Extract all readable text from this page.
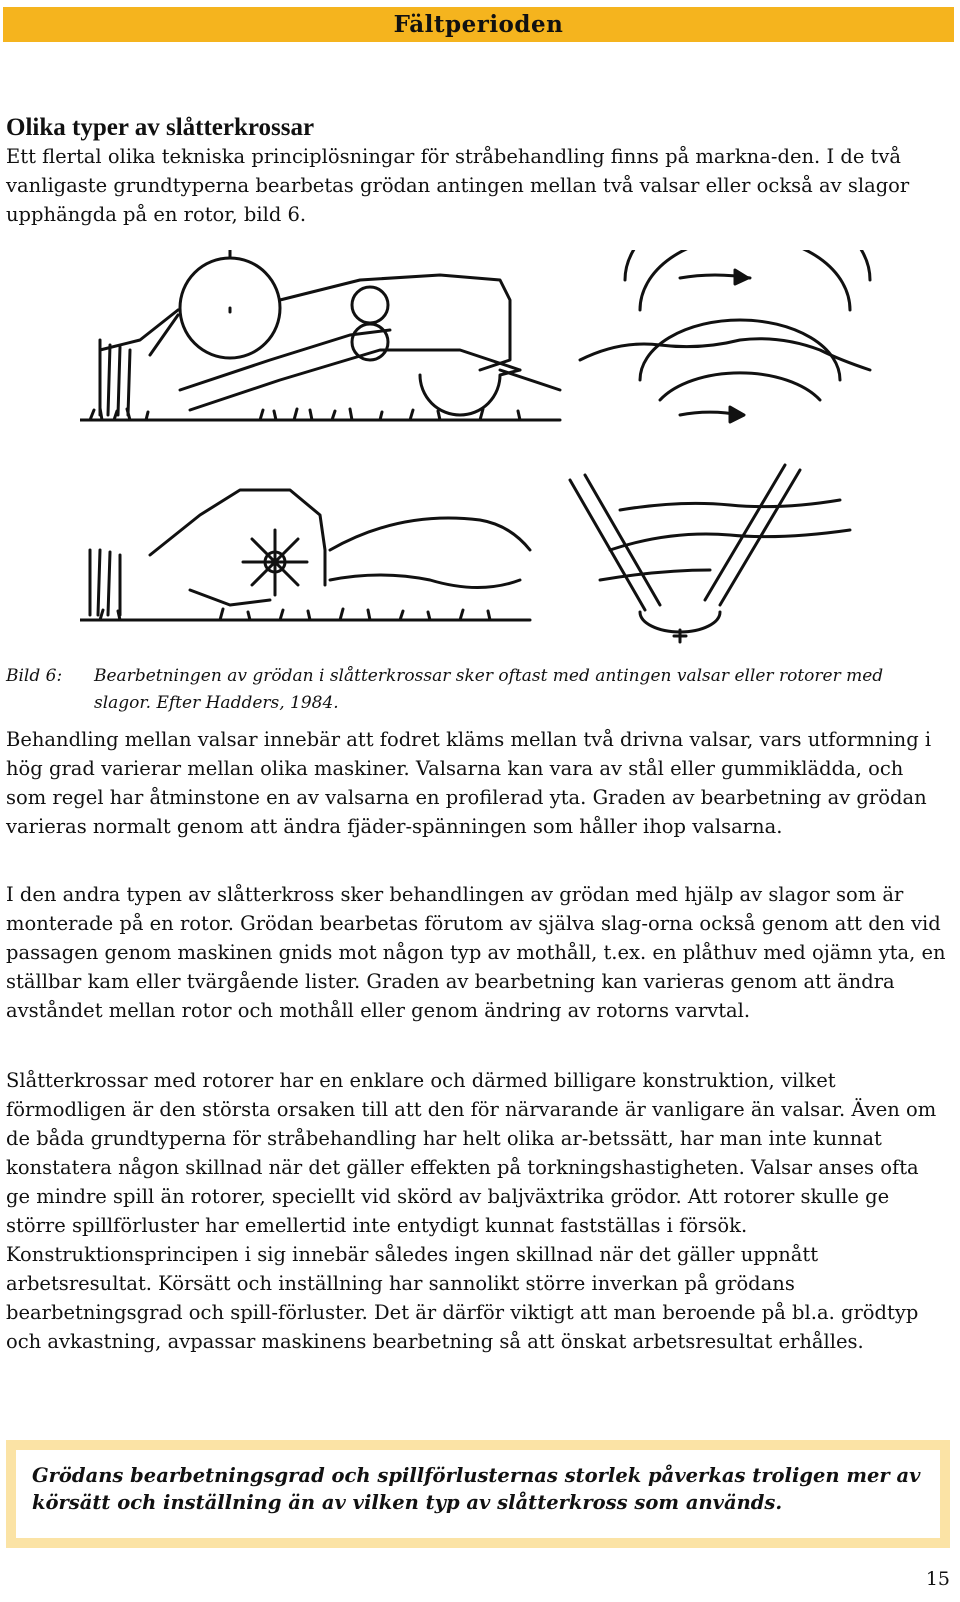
Fältperioden
Olika typer av slåtterkrossar

Ett flertal olika tekniska principlösningar för stråbehandling finns på markna-den. I de två vanligaste grundtyperna bearbetas grödan antingen mellan två valsar eller också av slagor upphängda på en rotor, bild 6.

Bild 6: Bearbetningen av grödan i slåtterkrossar sker oftast med antingen valsar eller rotorer med slagor. Efter Hadders, 1984.

Behandling mellan valsar innebär att fodret kläms mellan två drivna valsar, vars utformning i hög grad varierar mellan olika maskiner. Valsarna kan vara av stål eller gummiklädda, och som regel har åtminstone en av valsarna en profilerad yta. Graden av bearbetning av grödan varieras normalt genom att ändra fjäder-spänningen som håller ihop valsarna.

I den andra typen av slåtterkross sker behandlingen av grödan med hjälp av slagor som är monterade på en rotor. Grödan bearbetas förutom av själva slag-orna också genom att den vid passagen genom maskinen gnids mot någon typ av mothåll, t.ex. en plåthuv med ojämn yta, en ställbar kam eller tvärgående lister. Graden av bearbetning kan varieras genom att ändra avståndet mellan rotor och mothåll eller genom ändring av rotorns varvtal.

Slåtterkrossar med rotorer har en enklare och därmed billigare konstruktion, vilket förmodligen är den största orsaken till att den för närvarande är vanligare än valsar. Även om de båda grundtyperna för stråbehandling har helt olika ar-betssätt, har man inte kunnat konstatera någon skillnad när det gäller effekten på torkningshastigheten. Valsar anses ofta ge mindre spill än rotorer, speciellt vid skörd av baljväxtrika grödor. Att rotorer skulle ge större spillförluster har emellertid inte entydigt kunnat fastställas i försök. Konstruktionsprincipen i sig innebär således ingen skillnad när det gäller uppnått arbetsresultat. Körsätt och inställning har sannolikt större inverkan på grödans bearbetningsgrad och spill-förluster. Det är därför viktigt att man beroende på bl.a. grödtyp och avkastning, avpassar maskinens bearbetning så att önskat arbetsresultat erhålles.

Grödans bearbetningsgrad och spillförlusternas storlek påverkas troligen mer av körsätt och inställning än av vilken typ av slåtterkross som används.

15
